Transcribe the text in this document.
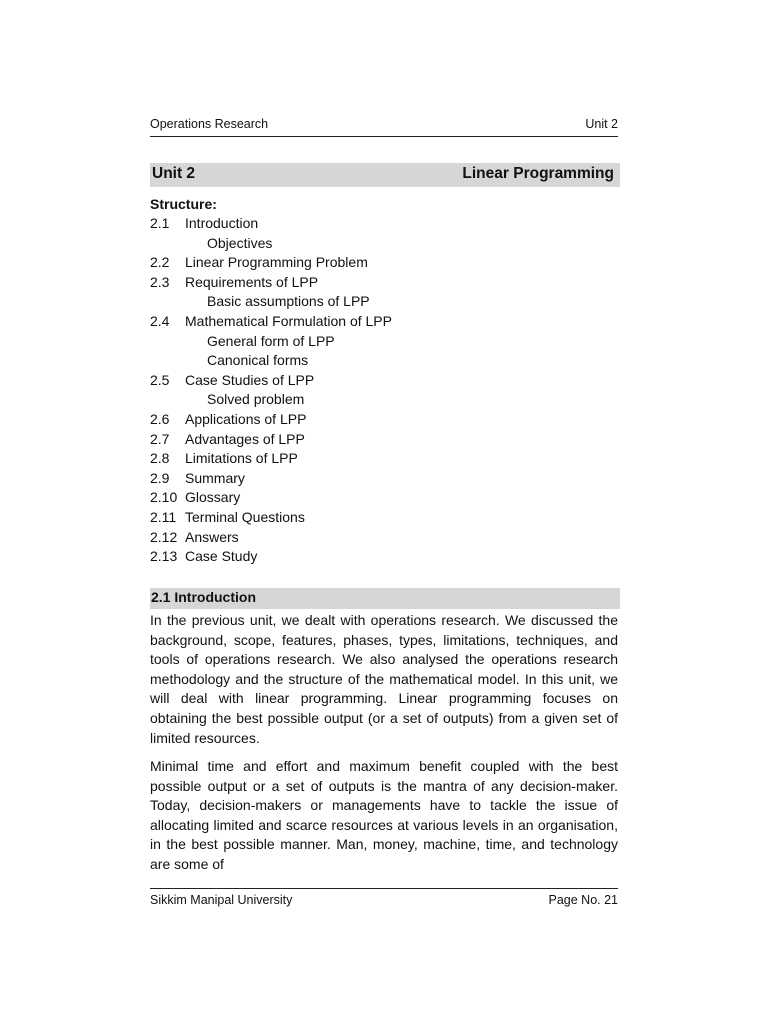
Operations Research	Unit 2
Unit 2	Linear Programming
Structure:
2.1 Introduction
Objectives
2.2 Linear Programming Problem
2.3 Requirements of LPP
Basic assumptions of LPP
2.4 Mathematical Formulation of LPP
General form of LPP
Canonical forms
2.5 Case Studies of LPP
Solved problem
2.6 Applications of LPP
2.7 Advantages of LPP
2.8 Limitations of LPP
2.9 Summary
2.10 Glossary
2.11 Terminal Questions
2.12 Answers
2.13 Case Study
2.1 Introduction

In the previous unit, we dealt with operations research. We discussed the background, scope, features, phases, types, limitations, techniques, and tools of operations research. We also analysed the operations research methodology and the structure of the mathematical model. In this unit, we will deal with linear programming. Linear programming focuses on obtaining the best possible output (or a set of outputs) from a given set of limited resources.

Minimal time and effort and maximum benefit coupled with the best possible output or a set of outputs is the mantra of any decision-maker. Today, decision-makers or managements have to tackle the issue of allocating limited and scarce resources at various levels in an organisation, in the best possible manner. Man, money, machine, time, and technology are some of

Sikkim Manipal University	Page No. 21
